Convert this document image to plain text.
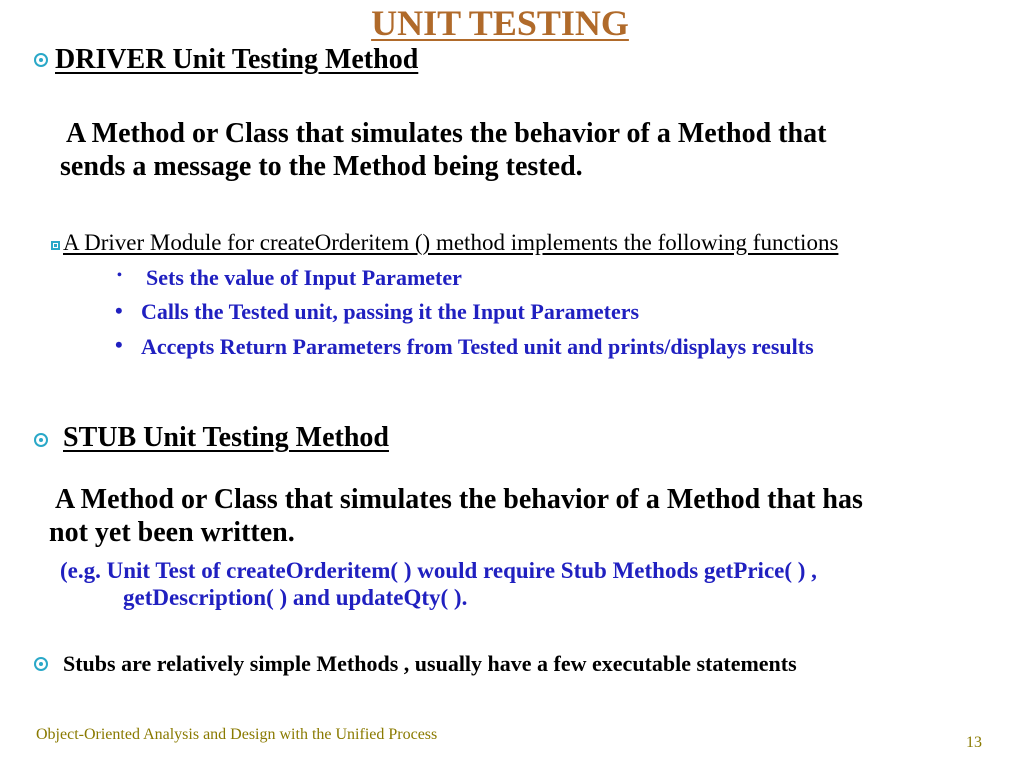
UNIT TESTING
DRIVER Unit Testing Method
A Method or Class that simulates the behavior of a Method that
sends a message to the Method being tested.
A Driver Module for createOrderitem () method implements the following functions
• Sets the value of Input Parameter
• Calls the Tested unit, passing it the Input Parameters
• Accepts Return Parameters from Tested unit and prints/displays results
STUB Unit Testing Method
A Method or Class that simulates the behavior of a Method that has
not yet been written.
(e.g. Unit Test of createOrderitem( ) would require Stub Methods getPrice( ) ,
getDescription( ) and updateQty( ).
Stubs are relatively simple Methods , usually have a few executable statements
Object-Oriented Analysis and Design with the Unified Process	13
